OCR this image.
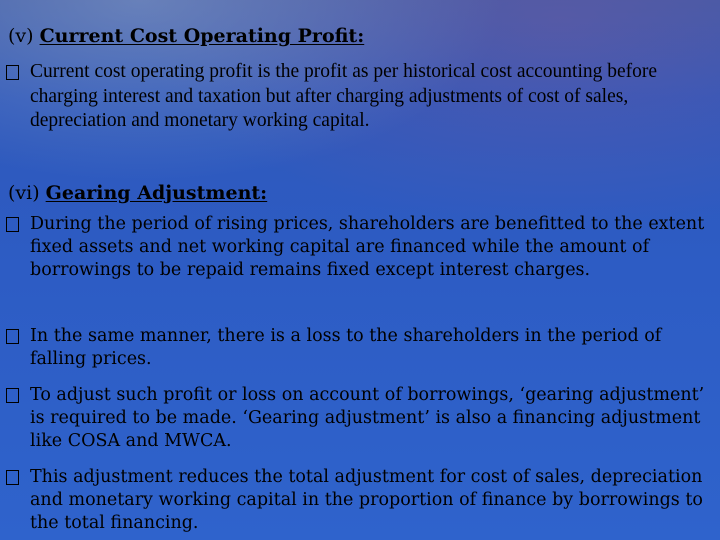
(v) Current Cost Operating Profit:
Current cost operating profit is the profit as per historical cost accounting before charging interest and taxation but after charging adjustments of cost of sales, depreciation and monetary working capital.
(vi) Gearing Adjustment:
During the period of rising prices, shareholders are benefitted to the extent fixed assets and net working capital are financed while the amount of borrowings to be repaid remains fixed except interest charges.
In the same manner, there is a loss to the shareholders in the period of falling prices.
To adjust such profit or loss on account of borrowings, ‘gearing adjustment’ is required to be made. ‘Gearing adjustment’ is also a financing adjustment like COSA and MWCA.
This adjustment reduces the total adjustment for cost of sales, depreciation and monetary working capital in the proportion of finance by borrowings to the total financing.
